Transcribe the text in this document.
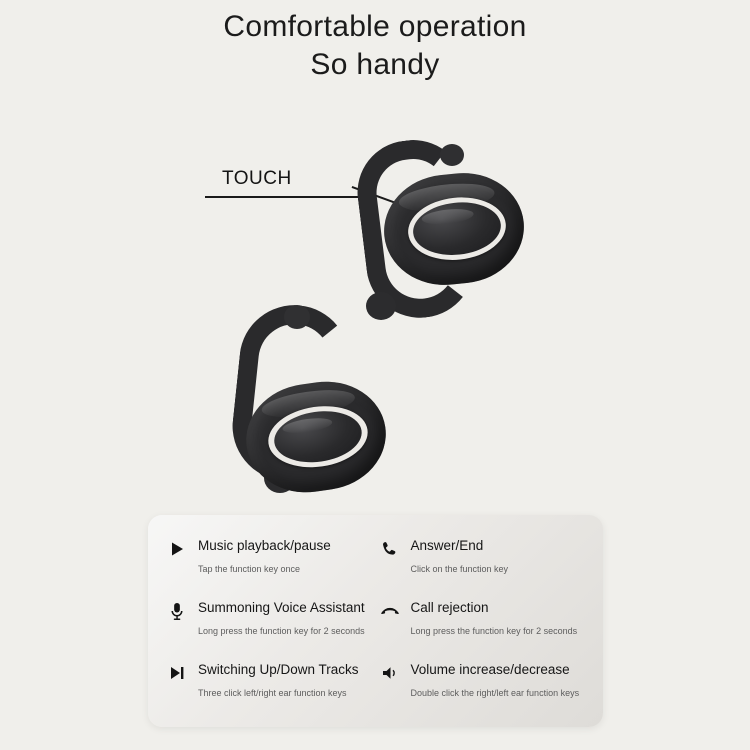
Comfortable operation
So handy
TOUCH
Music playback/pause
Tap the function key once
Answer/End
Click on the function key
Summoning Voice Assistant
Long press the function key for 2 seconds
Call rejection
Long press the function key for 2 seconds
Switching Up/Down Tracks
Three click left/right ear function keys
Volume increase/decrease
Double click the right/left ear function keys
